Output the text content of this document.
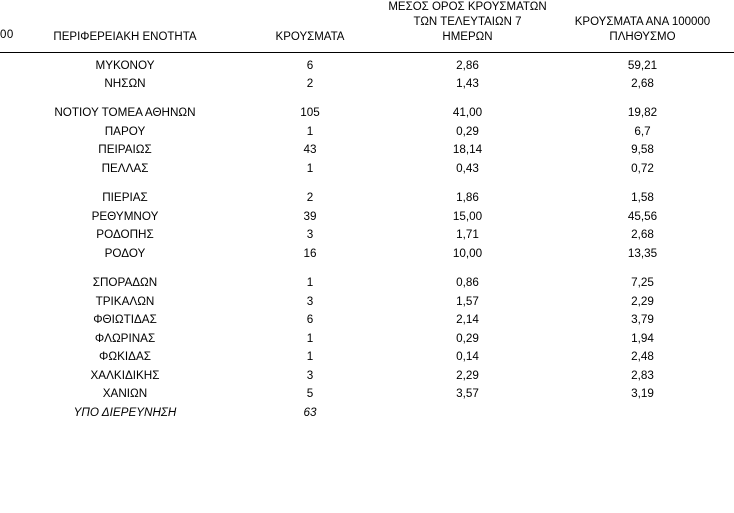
00	ΠΕΡΙΦΕΡΕΙΑΚΗ ΕΝΟΤΗΤΑ	ΚΡΟΥΣΜΑΤΑ	ΜΕΣΟΣ ΟΡΟΣ ΚΡΟΥΣΜΑΤΩΝ
ΤΩΝ ΤΕΛΕΥΤΑΙΩΝ 7
ΗΜΕΡΩΝ	ΚΡΟΥΣΜΑΤΑ ΑΝΑ 100000
ΠΛΗΘΥΣΜΟ

ΜΥΚΟΝΟΥ	6	2,86	59,21
ΝΗΣΩΝ	2	1,43	2,68

ΝΟΤΙΟΥ ΤΟΜΕΑ ΑΘΗΝΩΝ	105	41,00	19,82
ΠΑΡΟΥ	1	0,29	6,7
ΠΕΙΡΑΙΩΣ	43	18,14	9,58
ΠΕΛΛΑΣ	1	0,43	0,72

ΠΙΕΡΙΑΣ	2	1,86	1,58
ΡΕΘΥΜΝΟΥ	39	15,00	45,56
ΡΟΔΟΠΗΣ	3	1,71	2,68
ΡΟΔΟΥ	16	10,00	13,35

ΣΠΟΡΑΔΩΝ	1	0,86	7,25
ΤΡΙΚΑΛΩΝ	3	1,57	2,29
ΦΘΙΩΤΙΔΑΣ	6	2,14	3,79
ΦΛΩΡΙΝΑΣ	1	0,29	1,94
ΦΩΚΙΔΑΣ	1	0,14	2,48
ΧΑΛΚΙΔΙΚΗΣ	3	2,29	2,83
ΧΑΝΙΩΝ	5	3,57	3,19
ΥΠΟ ΔΙΕΡΕΥΝΗΣΗ	63		
